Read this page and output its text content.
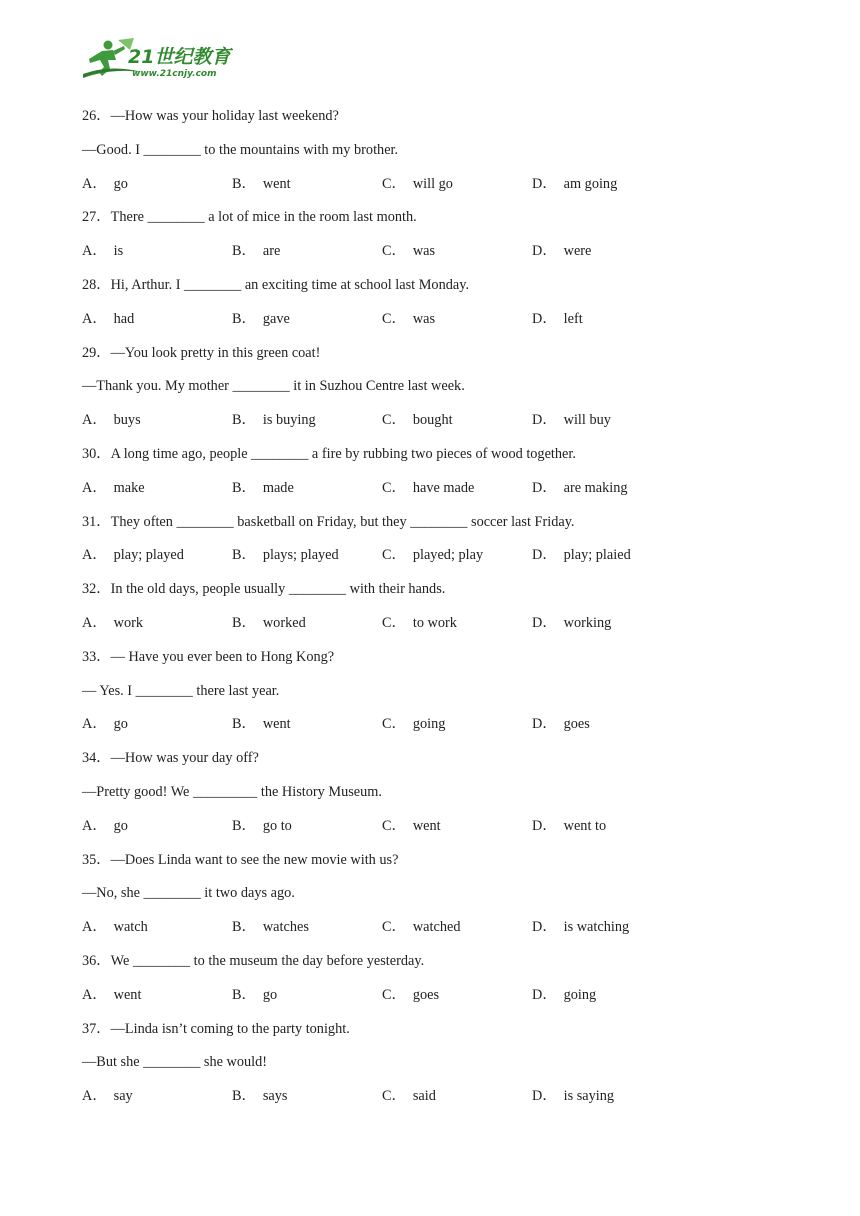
21世纪教育
www.21cnjy.com
26．—How was your holiday last weekend?
—Good. I ________ to the mountains with my brother.
A． go	B． went	C． will go	D． am going
27．There ________ a lot of mice in the room last month.
A． is	B． are	C． was	D． were
28．Hi, Arthur. I ________ an exciting time at school last Monday.
A． had	B． gave	C． was	D． left
29．—You look pretty in this green coat!
—Thank you. My mother ________ it in Suzhou Centre last week.
A． buys	B． is buying	C． bought	D． will buy
30．A long time ago, people ________ a fire by rubbing two pieces of wood together.
A． make	B． made	C． have made	D． are making
31．They often ________ basketball on Friday, but they ________ soccer last Friday.
A． play; played	B． plays; played	C． played; play	D． play; plaied
32．In the old days, people usually ________ with their hands.
A． work	B． worked	C． to work	D． working
33．— Have you ever been to Hong Kong?
— Yes. I ________ there last year.
A． go	B． went	C． going	D． goes
34．—How was your day off?
—Pretty good! We _________ the History Museum.
A． go	B． go to	C． went	D． went to
35．—Does Linda want to see the new movie with us?
—No, she ________ it two days ago.
A． watch	B． watches	C． watched	D． is watching
36．We ________ to the museum the day before yesterday.
A． went	B． go	C． goes	D． going
37．—Linda isn’t coming to the party tonight.
—But she ________ she would!
A． say	B． says	C． said	D． is saying
